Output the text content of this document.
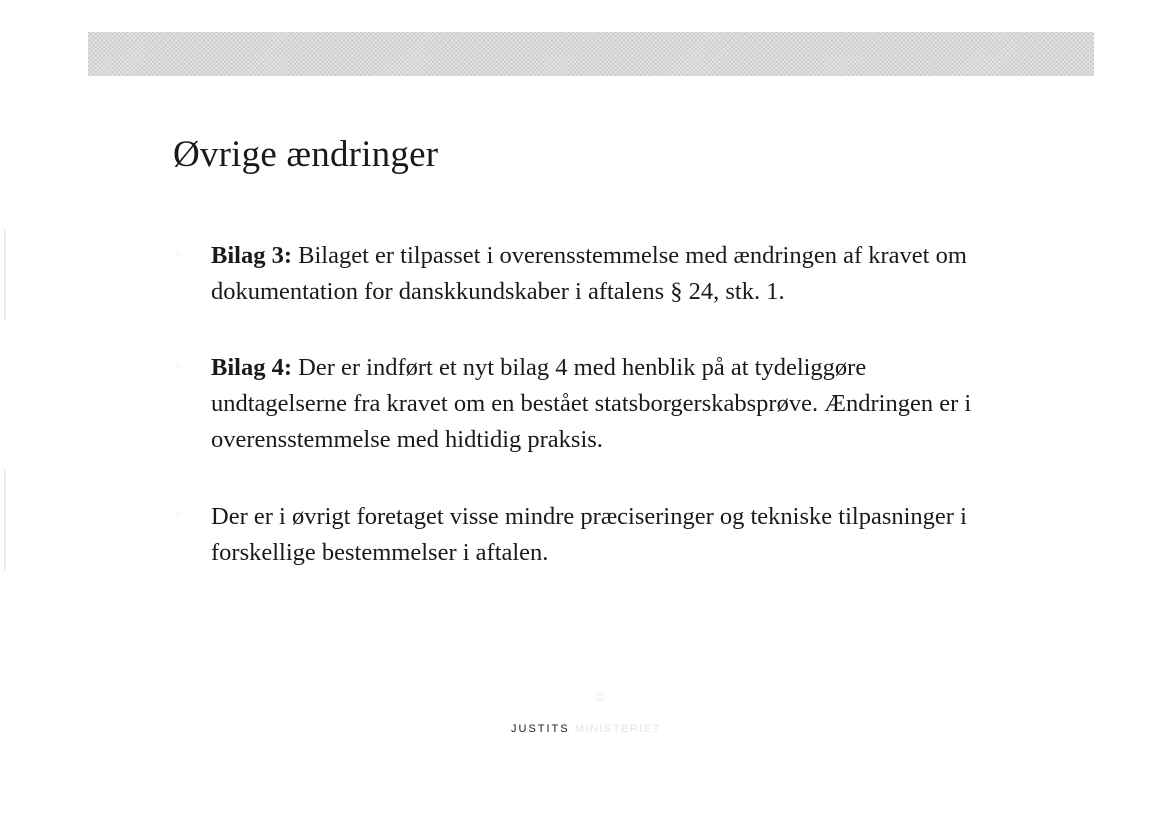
Øvrige ændringer
▫ Bilag 3: Bilaget er tilpasset i overensstemmelse med ændringen af kravet om dokumentation for danskkundskaber i aftalens § 24, stk. 1.
▫ Bilag 4: Der er indført et nyt bilag 4 med henblik på at tydeliggøre undtagelserne fra kravet om en bestået statsborgerskabsprøve. Ændringen er i overensstemmelse med hidtidig praksis.
▫ Der er i øvrigt foretaget visse mindre præciseringer og tekniske tilpasninger i forskellige bestemmelser i aftalen.
♔
JUSTITS MINISTERIET
